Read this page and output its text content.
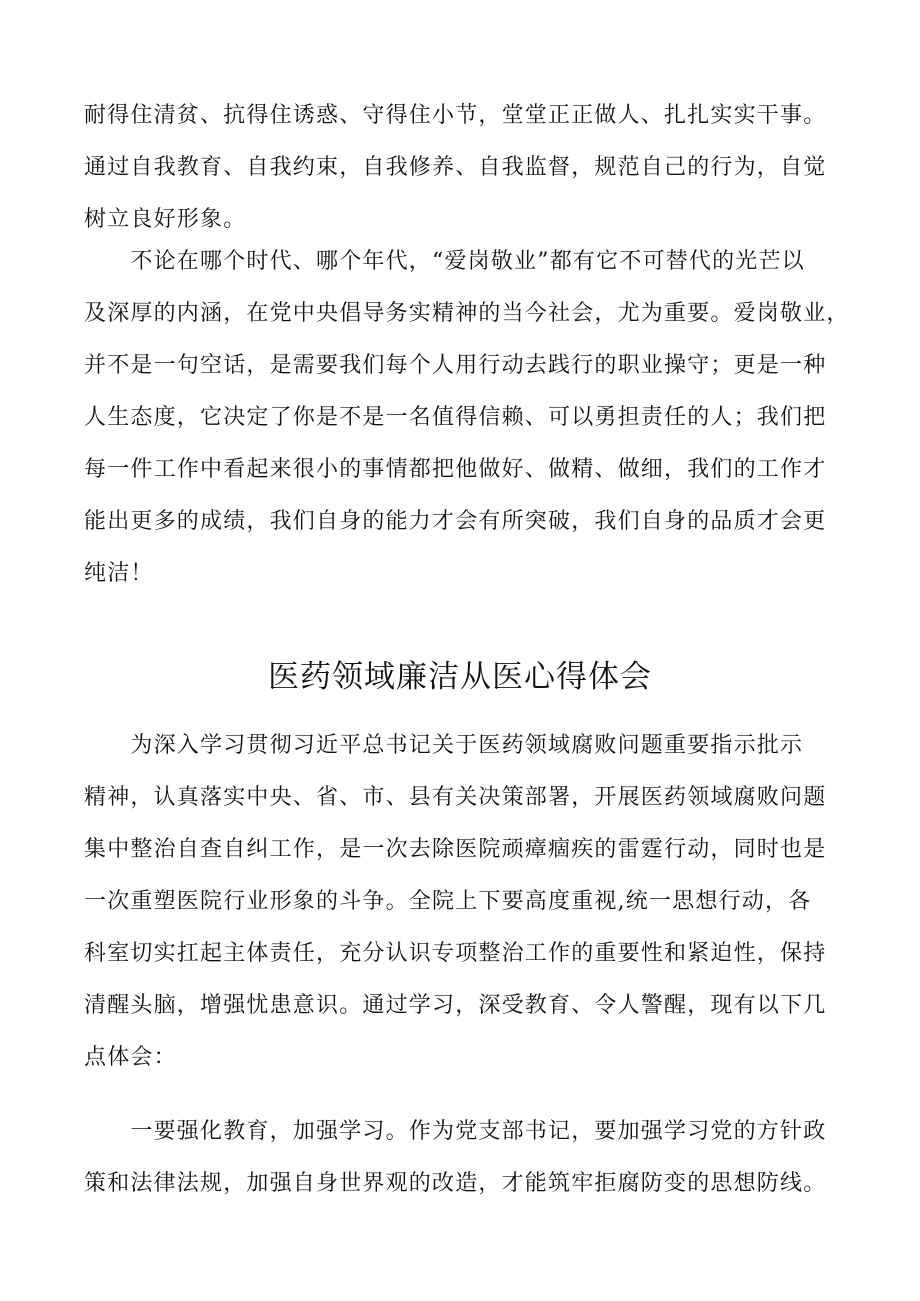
耐得住清贫、抗得住诱惑、守得住小节，堂堂正正做人、扎扎实实干事。
通过自我教育、自我约束，自我修养、自我监督，规范自己的行为，自觉
树立良好形象。
　　不论在哪个时代、哪个年代，“爱岗敬业”都有它不可替代的光芒以
及深厚的内涵，在党中央倡导务实精神的当今社会，尤为重要。爱岗敬业，
并不是一句空话，是需要我们每个人用行动去践行的职业操守；更是一种
人生态度，它决定了你是不是一名值得信赖、可以勇担责任的人；我们把
每一件工作中看起来很小的事情都把他做好、做精、做细，我们的工作才
能出更多的成绩，我们自身的能力才会有所突破，我们自身的品质才会更
纯洁！
医药领域廉洁从医心得体会
　　为深入学习贯彻习近平总书记关于医药领域腐败问题重要指示批示
精神，认真落实中央、省、市、县有关决策部署，开展医药领域腐败问题
集中整治自查自纠工作，是一次去除医院顽瘴痼疾的雷霆行动，同时也是
一次重塑医院行业形象的斗争。全院上下要高度重视,统一思想行动，各
科室切实扛起主体责任，充分认识专项整治工作的重要性和紧迫性，保持
清醒头脑，增强忧患意识。通过学习，深受教育、令人警醒，现有以下几
点体会：
　　一要强化教育，加强学习。作为党支部书记，要加强学习党的方针政
策和法律法规，加强自身世界观的改造，才能筑牢拒腐防变的思想防线。
